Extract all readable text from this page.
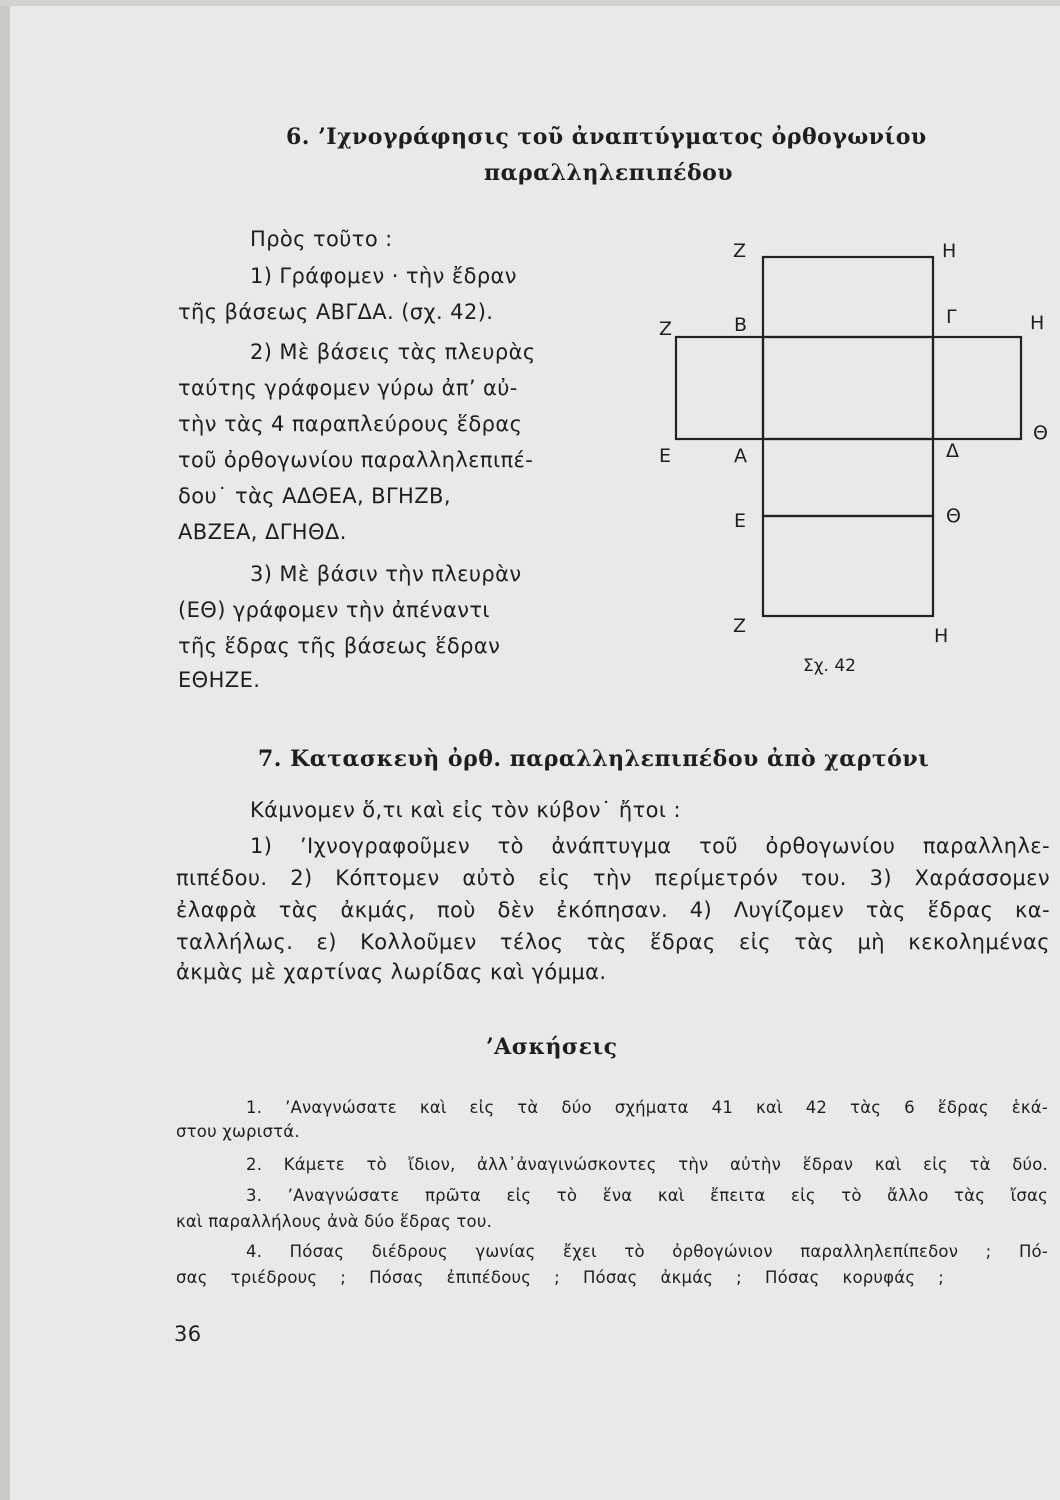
6. ’Ιχνογράφησις τοῦ ἀναπτύγματος ὀρθογωνίου
παραλληλεπιπέδου
Πρὸς τοῦτο :
1) Γράφομεν · τὴν ἔδραν
τῆς βάσεως ΑΒΓΔΑ. (σχ. 42).
2) Μὲ βάσεις τὰς πλευρὰς
ταύτης γράφομεν γύρω ἀπ’ αὐ-
τὴν τὰς 4 παραπλεύρους ἕδρας
τοῦ ὀρθογωνίου παραλληλεπιπέ-
δου˙ τὰς ΑΔΘΕΑ, ΒΓΗΖΒ,
ΑΒΖΕΑ, ΔΓΗΘΔ.
3) Μὲ βάσιν τὴν πλευρὰν
(ΕΘ) γράφομεν τὴν ἀπέναντι
τῆς ἕδρας τῆς βάσεως ἕδραν
ΕΘΗΖΕ.
Ζ	Η
Ζ	Β	Γ	Η
Ε	Α	Δ
Θ
Ε	Θ
Ζ	Η
Σχ. 42
7. Κατασκευὴ ὀρθ. παραλληλεπιπέδου ἀπὸ χαρτόνι
Κάμνομεν ὅ,τι καὶ εἰς τὸν κύβον˙ ἤτοι :
1) ’Ιχνογραφοῦμεν τὸ ἀνάπτυγμα τοῦ ὀρθογωνίου παραλληλε-
πιπέδου. 2) Κόπτομεν αὐτὸ εἰς τὴν περίμετρόν του. 3) Χαράσσομεν
ἐλαφρὰ τὰς ἀκμάς, ποὺ δὲν ἐκόπησαν. 4) Λυγίζομεν τὰς ἕδρας κα-
ταλλήλως. ε) Κολλοῦμεν τέλος τὰς ἕδρας εἰς τὰς μὴ κεκολημένας
ἀκμὰς μὲ χαρτίνας λωρίδας καὶ γόμμα.
’Ασκήσεις
1. ’Αναγνώσατε καὶ εἰς τὰ δύο σχήματα 41 καὶ 42 τὰς 6 ἕδρας ἑκά-
στου χωριστά.
2. Κάμετε τὸ ἴδιον, ἀλλ᾽ἀναγινώσκοντες τὴν αὐτὴν ἕδραν καὶ εἰς τὰ δύο.
3. ’Αναγνώσατε πρῶτα εἰς τὸ ἕνα καὶ ἔπειτα εἰς τὸ ἄλλο τὰς ἴσας
καὶ παραλλήλους ἀνὰ δύο ἕδρας του.
4. Πόσας διέδρους γωνίας ἔχει τὸ ὀρθογώνιον παραλληλεπίπεδον ; Πό-
σας τριέδρους ; Πόσας ἐπιπέδους ; Πόσας ἀκμάς ; Πόσας κορυφάς ;
36
